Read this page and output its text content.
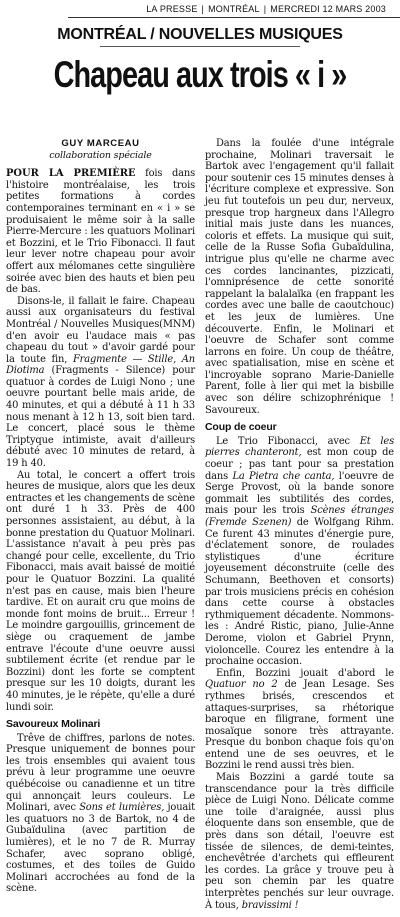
LA PRESSE | MONTRÉAL | MERCREDI 12 MARS 2003
MONTRÉAL / NOUVELLES MUSIQUES
Chapeau aux trois « i »
GUY MARCEAU
collaboration spéciale

POUR LA PREMIÈRE fois dans l'histoire montréalaise, les trois petites formations à cordes contemporaines terminant en « i » se produisaient le même soir à la salle Pierre-Mercure : les quatuors Molinari et Bozzini, et le Trio Fibonacci. Il faut leur lever notre chapeau pour avoir offert aux mélomanes cette singulière soirée avec bien des hauts et bien peu de bas.

Disons-le, il fallait le faire. Chapeau aussi aux organisateurs du festival Montréal / Nouvelles Musiques(MNM) d'en avoir eu l'audace mais « pas chapeau du tout » d'avoir gardé pour la toute fin, Fragmente — Stille, An Diotima (Fragments - Silence) pour quatuor à cordes de Luigi Nono ; une oeuvre pourtant belle mais aride, de 40 minutes, et qui a débuté à 11 h 33 nous menant à 12 h 13, soit bien tard. Le concert, placé sous le thème Triptyque intimiste, avait d'ailleurs débuté avec 10 minutes de retard, à 19 h 40.

Au total, le concert a offert trois heures de musique, alors que les deux entractes et les changements de scène ont duré 1 h 33. Près de 400 personnes assistaient, au début, à la bonne prestation du Quatuor Molinari. L'assistance n'avait à peu près pas changé pour celle, excellente, du Trio Fibonacci, mais avait baissé de moitié pour le Quatuor Bozzini. La qualité n'est pas en cause, mais bien l'heure tardive. Et on aurait cru que moins de monde font moins de bruit... Erreur ! Le moindre gargouillis, grincement de siège ou craquement de jambe entrave l'écoute d'une oeuvre aussi subtilement écrite (et rendue par le Bozzini) dont les forte se comptent presque sur les 10 doigts, durant les 40 minutes, je le répète, qu'elle a duré lundi soir.

Savoureux Molinari

Trêve de chiffres, parlons de notes. Presque uniquement de bonnes pour les trois ensembles qui avaient tous prévu à leur programme une oeuvre québécoise ou canadienne et un titre qui annonçait leurs couleurs. Le Molinari, avec Sons et lumières, jouait les quatuors no 3 de Bartok, no 4 de Gubaïdulina (avec partition de lumières), et le no 7 de R. Murray Schafer, avec soprano obligé, costumes, et des toiles de Guido Molinari accrochées au fond de la scène.

Dans la foulée d'une intégrale prochaine, Molinari traversait le Bartok avec l'engagement qu'il fallait pour soutenir ces 15 minutes denses à l'écriture complexe et expressive. Son jeu fut toutefois un peu dur, nerveux, presque trop hargneux dans l'Allegro initial mais juste dans les nuances, coloris et effets. La musique qui suit, celle de la Russe Sofia Gubaïdulina, intrigue plus qu'elle ne charme avec ces cordes lancinantes, pizzicati, l'omniprésence de cette sonorité rappelant la balalaïka (en frappant les cordes avec une balle de caoutchouc) et les jeux de lumières. Une découverte. Enfin, le Molinari et l'oeuvre de Schafer sont comme larrons en foire. Un coup de théâtre, avec spatialisation, mise en scène et l'incroyable soprano Marie-Danielle Parent, folle à lier qui met la bisbille avec son délire schizophrénique ! Savoureux.

Coup de coeur

Le Trio Fibonacci, avec Et les pierres chanteront, est mon coup de coeur ; pas tant pour sa prestation dans La Pietra che canta, l'oeuvre de Serge Provost, où la bande sonore gommait les subtilités des cordes, mais pour les trois Scènes étranges (Fremde Szenen) de Wolfgang Rihm. Ce furent 43 minutes d'énergie pure, d'éclatement sonore, de roulades stylistiques d'une écriture joyeusement déconstruite (celle des Schumann, Beethoven et consorts) par trois musiciens précis en cohésion dans cette course à obstacles rythmiquement décadente. Nommons-les : André Ristic, piano, Julie-Anne Derome, violon et Gabriel Prynn, violoncelle. Courez les entendre à la prochaine occasion.

Enfin, Bozzini jouait d'abord le Quatuor no 2 de Jean Lesage. Ses rythmes brisés, crescendos et attaques-surprises, sa rhétorique baroque en filigrane, forment une mosaïque sonore très attrayante. Presque du bonbon chaque fois qu'on entend une de ses oeuvres, et le Bozzini le rend aussi très bien.

Mais Bozzini a gardé toute sa transcendance pour la très difficile pièce de Luigi Nono. Délicate comme une toile d'araignée, aussi plus éloquente dans son ensemble, que de près dans son détail, l'oeuvre est tissée de silences, de demi-teintes, enchevêtrée d'archets qui effleurent les cordes. La grâce y trouve peu à peu son chemin par les quatre interprètes penchés sur leur ouvrage. À tous, bravissimi !
